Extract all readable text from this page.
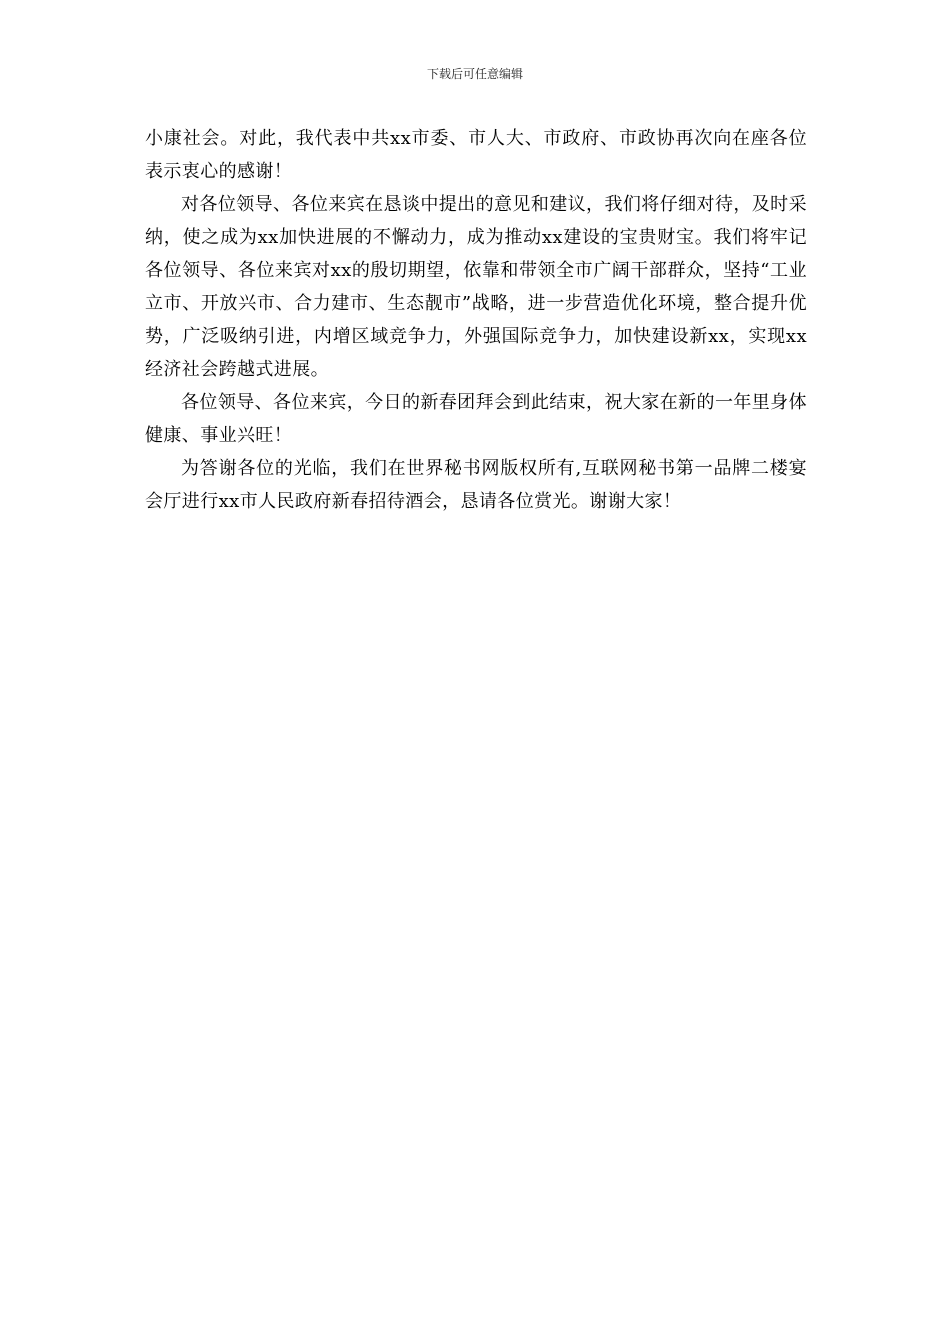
下载后可任意编辑

小康社会。对此，我代表中共xx市委、市人大、市政府、市政协再次向在座各位表示衷心的感谢！

对各位领导、各位来宾在恳谈中提出的意见和建议，我们将仔细对待，及时采纳，使之成为xx加快进展的不懈动力，成为推动xx建设的宝贵财宝。我们将牢记各位领导、各位来宾对xx的殷切期望，依靠和带领全市广阔干部群众，坚持“工业立市、开放兴市、合力建市、生态靓市”战略，进一步营造优化环境，整合提升优势，广泛吸纳引进，内增区域竞争力，外强国际竞争力，加快建设新xx，实现xx经济社会跨越式进展。

各位领导、各位来宾，今日的新春团拜会到此结束，祝大家在新的一年里身体健康、事业兴旺！

为答谢各位的光临，我们在世界秘书网版权所有,互联网秘书第一品牌二楼宴会厅进行xx市人民政府新春招待酒会，恳请各位赏光。谢谢大家！
